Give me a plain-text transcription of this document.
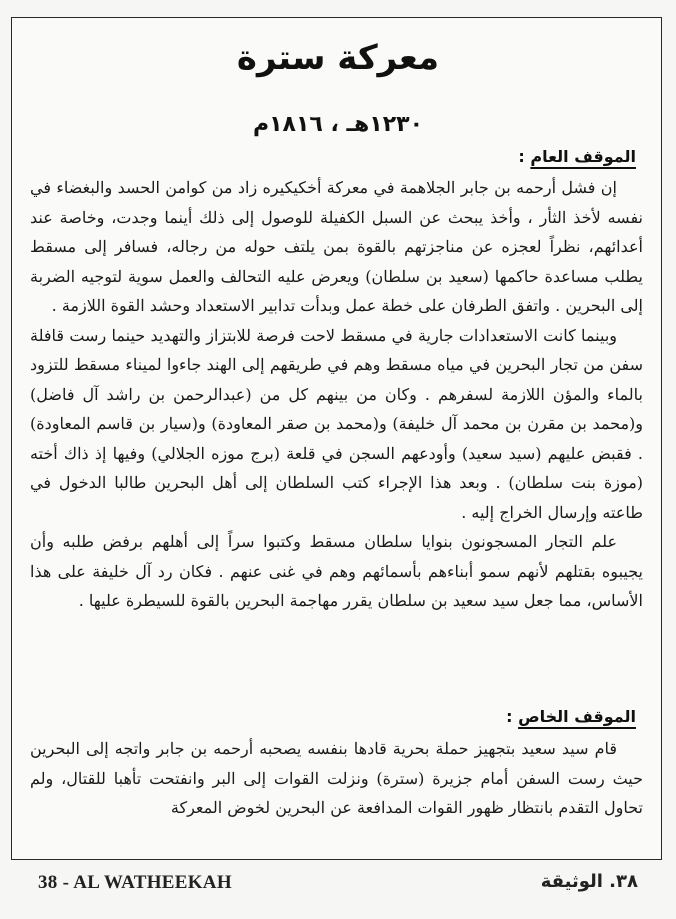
معركة سترة
١٢٣٠هـ ، ١٨١٦م
الموقف العام :

إن فشل أرحمه بن جابر الجلاهمة في معركة أخكيكيره زاد من كوامن الحسد والبغضاء في نفسه لأخذ الثأر ، وأخذ يبحث عن السبل الكفيلة للوصول إلى ذلك أينما وجدت، وخاصة عند أعدائهم، نظراً لعجزه عن مناجزتهم بالقوة بمن يلتف حوله من رجاله، فسافر إلى مسقط يطلب مساعدة حاكمها (سعيد بن سلطان) ويعرض عليه التحالف والعمل سوية لتوجيه الضربة إلى البحرين . واتفق الطرفان على خطة عمل وبدأت تدابير الاستعداد وحشد القوة اللازمة .

وبينما كانت الاستعدادات جارية في مسقط لاحت فرصة للابتزاز والتهديد حينما رست قافلة سفن من تجار البحرين في مياه مسقط وهم في طريقهم إلى الهند جاءوا لميناء مسقط للتزود بالماء والمؤن اللازمة لسفرهم . وكان من بينهم كل من (عبدالرحمن بن راشد آل فاضل) و(محمد بن مقرن بن محمد آل خليفة) و(محمد بن صقر المعاودة) و(سيار بن قاسم المعاودة) . فقبض عليهم (سيد سعيد) وأودعهم السجن في قلعة (برج موزه الجلالي) وفيها إذ ذاك أخته (موزة بنت سلطان) . وبعد هذا الإجراء كتب السلطان إلى أهل البحرين طالبا الدخول في طاعته وإرسال الخراج إليه .

علم التجار المسجونون بنوايا سلطان مسقط وكتبوا سراً إلى أهلهم برفض طلبه وأن يجيبوه بقتلهم لأنهم سمو أبناءهم بأسمائهم وهم في غنى عنهم . فكان رد آل خليفة على هذا الأساس، مما جعل سيد سعيد بن سلطان يقرر مهاجمة البحرين بالقوة للسيطرة عليها .

الموقف الخاص :

قام سيد سعيد بتجهيز حملة بحرية قادها بنفسه يصحبه أرحمه بن جابر واتجه إلى البحرين حيث رست السفن أمام جزيرة (سترة) ونزلت القوات إلى البر وانفتحت تأهبا للقتال، ولم تحاول التقدم بانتظار ظهور القوات المدافعة عن البحرين لخوض المعركة

38 - AL WATHEEKAH	٣٨. الوثيقة
